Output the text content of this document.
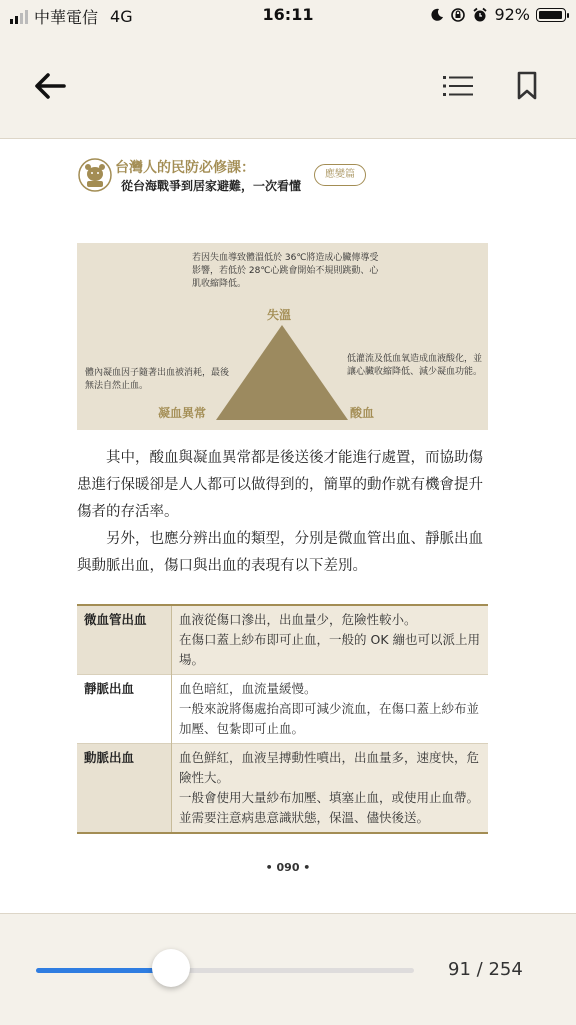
中華電信 4G	16:11	92%
台灣人的民防必修課：
從台海戰爭到居家避難，一次看懂
應變篇
若因失血導致體溫低於 36℃將造成心臟傳導受影響，若低於 28℃心跳會開始不規則跳動、心肌收縮降低。
失溫
體內凝血因子隨著出血被消耗，最後無法自然止血。
凝血異常
低灌流及低血氧造成血液酸化，並讓心臟收縮降低、減少凝血功能。
酸血
其中，酸血與凝血異常都是後送後才能進行處置，而協助傷患進行保暖卻是人人都可以做得到的，簡單的動作就有機會提升傷者的存活率。
另外，也應分辨出血的類型，分別是微血管出血、靜脈出血與動脈出血，傷口與出血的表現有以下差別。
微血管出血	血液從傷口滲出，出血量少，危險性較小。
在傷口蓋上紗布即可止血，一般的 OK 繃也可以派上用場。

靜脈出血	血色暗紅，血流量緩慢。
一般來說將傷處抬高即可減少流血，在傷口蓋上紗布並加壓、包紮即可止血。

動脈出血	血色鮮紅，血液呈搏動性噴出，出血量多，速度快，危險性大。
一般會使用大量紗布加壓、填塞止血，或使用止血帶。並需要注意病患意識狀態，保溫、儘快後送。
• 090 •
91 / 254
